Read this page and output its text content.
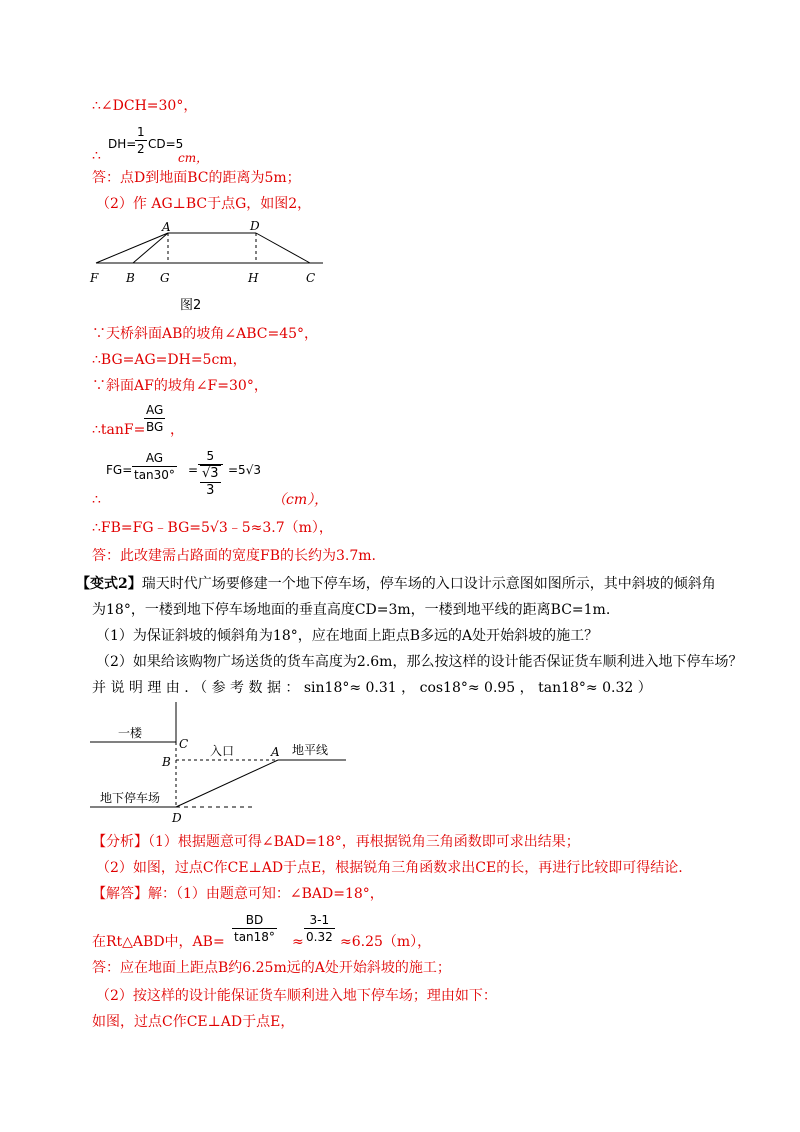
∴∠DCH=30°，
∴
DH=
$\frac{1}{2} CD=5$
cm，
答：点D到地面BC的距离为5m；
（2）作 AG⊥BC于点G，如图2，
A	D
F B G	H	C
图2
∵天桥斜面AB的坡角∠ABC=45°，
∴BG=AG=DH=5cm，
∵斜面AF的坡角∠F=30°，
∴tanF=
$\frac{AG}{BG}$ ，
$FG= \frac{AG}{\tan 30^\circ} = \frac{5}{\frac{√3}{3}} =5√3$
∴	（cm），
∴FB=FG﹣BG=5√3﹣5≈3.7（m），
答：此改建需占路面的宽度FB的长约为3.7m.
【变式2】瑞天时代广场要修建一个地下停车场，停车场的入口设计示意图如图所示，其中斜坡的倾斜角
为18°，一楼到地下停车场地面的垂直高度CD=3m，一楼到地平线的距离BC=1m.
（1）为保证斜坡的倾斜角为18°，应在地面上距点B多远的A处开始斜坡的施工？
（2）如果给该购物广场送货的货车高度为2.6m，那么按这样的设计能否保证货车顺利进入地下停车场？
并 说 明 理 由 . （ 参 考 数 据 ： sin18°≈ 0.31 ， cos18°≈ 0.95 ， tan18°≈ 0.32 ）
一楼
C 入口	A 地平线
B
地下停车场
D
【分析】（1）根据题意可得∠BAD=18°，再根据锐角三角函数即可求出结果；
（2）如图，过点C作CE⊥AD于点E，根据锐角三角函数求出CE的长，再进行比较即可得结论.
【解答】解：（1）由题意可知：∠BAD=18°，
在Rt△ABD中，$AB= \frac{BD}{\tan 18^\circ} \approx \frac{3-1}{0.32} \approx 6.25(m)$，
答：应在地面上距点B约6.25m远的A处开始斜坡的施工；
（2）按这样的设计能保证货车顺利进入地下停车场；理由如下：
如图，过点C作CE⊥AD于点E，
